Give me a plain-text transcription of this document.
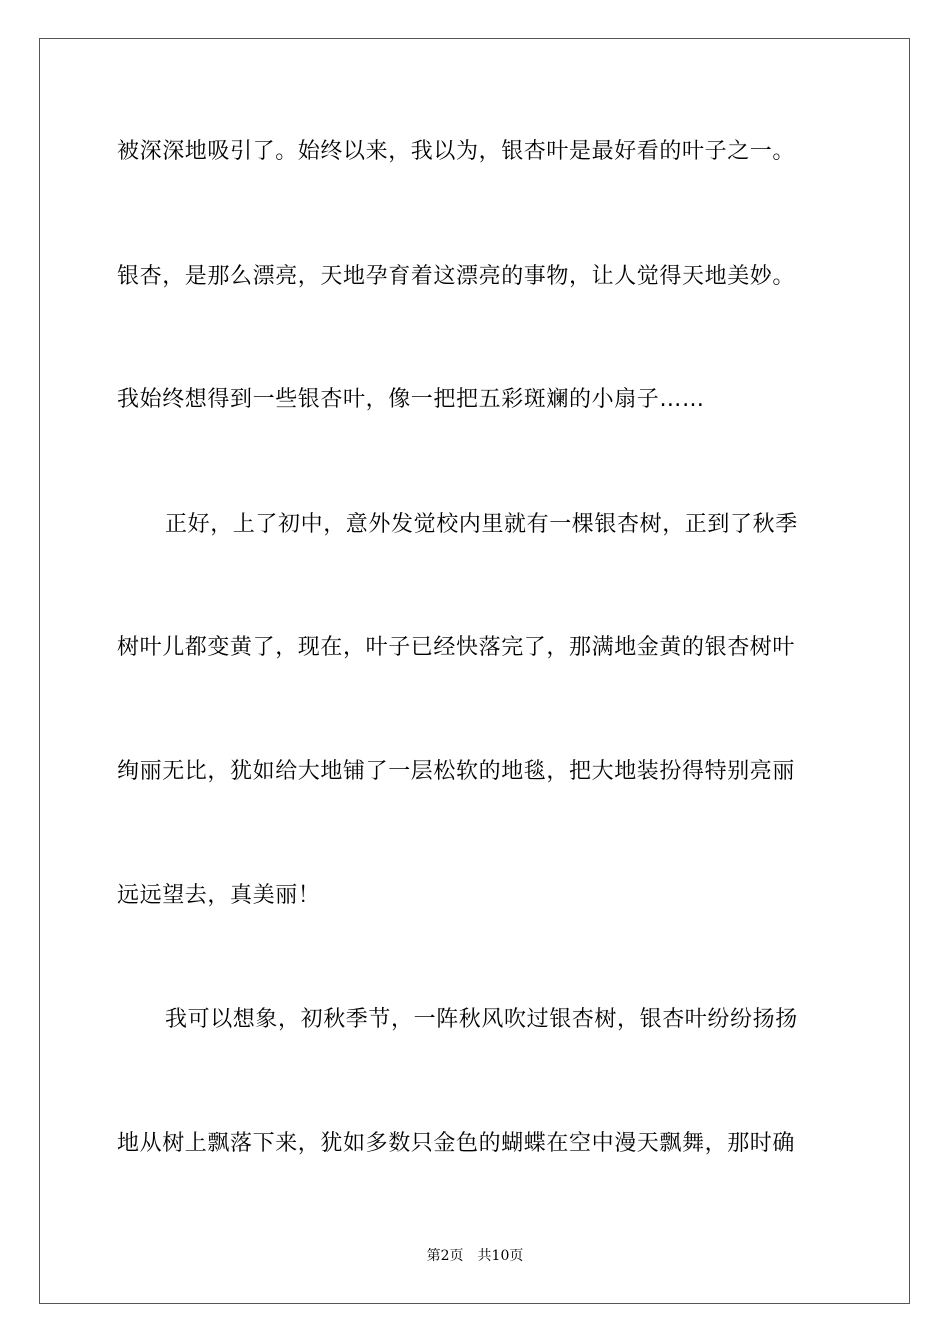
被深深地吸引了。始终以来，我以为，银杏叶是最好看的叶子之一。
银杏，是那么漂亮，天地孕育着这漂亮的事物，让人觉得天地美妙。
我始终想得到一些银杏叶，像一把把五彩斑斓的小扇子……
正好，上了初中，意外发觉校内里就有一棵银杏树，正到了秋季
树叶儿都变黄了，现在，叶子已经快落完了，那满地金黄的银杏树叶
绚丽无比，犹如给大地铺了一层松软的地毯，把大地装扮得特别亮丽
远远望去，真美丽！
我可以想象，初秋季节，一阵秋风吹过银杏树，银杏叶纷纷扬扬
地从树上飘落下来，犹如多数只金色的蝴蝶在空中漫天飘舞，那时确
第2页 共10页
